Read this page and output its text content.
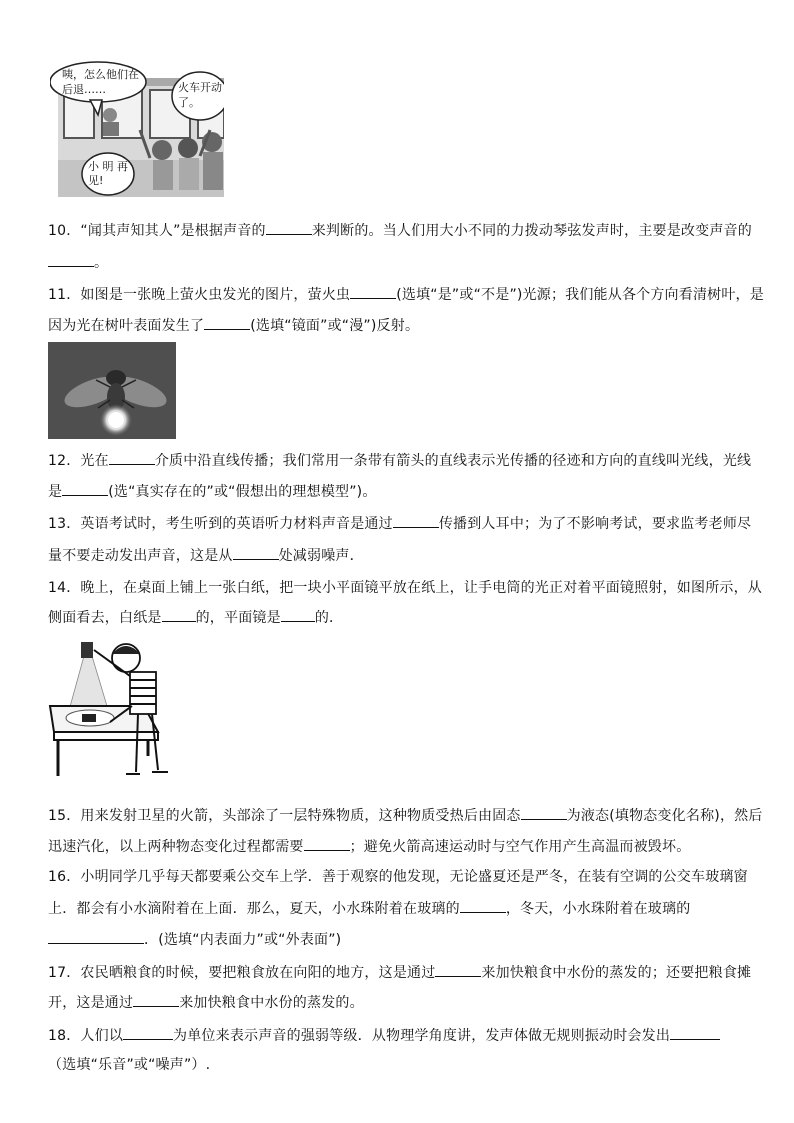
咦，怎么他们在
后退……	火车开动
了。
小 明 再
见!
10．“闻其声知其人”是根据声音的	来判断的。当人们用大小不同的力拨动琴弦发声时，主要是改变声音的
。
11．如图是一张晚上萤火虫发光的图片，萤火虫	(选填“是”或“不是”)光源；我们能从各个方向看清树叶，是
因为光在树叶表面发生了	(选填“镜面”或“漫”)反射。
12．光在	介质中沿直线传播；我们常用一条带有箭头的直线表示光传播的径迹和方向的直线叫光线，光线
是	(选“真实存在的”或“假想出的理想模型”)。
13．英语考试时，考生听到的英语听力材料声音是通过	传播到人耳中；为了不影响考试，要求监考老师尽
量不要走动发出声音，这是从	处减弱噪声．
14．晚上，在桌面上铺上一张白纸，把一块小平面镜平放在纸上，让手电筒的光正对着平面镜照射，如图所示，从
侧面看去，白纸是 的，平面镜是 的．
15．用来发射卫星的火箭，头部涂了一层特殊物质，这种物质受热后由固态	为液态(填物态变化名称)，然后
迅速汽化，以上两种物态变化过程都需要	；避免火箭高速运动时与空气作用产生高温而被毁坏。
16．小明同学几乎每天都要乘公交车上学．善于观察的他发现，无论盛夏还是严冬，在装有空调的公交车玻璃窗
上．都会有小水滴附着在上面．那么，夏天，小水珠附着在玻璃的	，冬天，小水珠附着在玻璃的
．(选填“内表面力”或“外表面”)
17．农民晒粮食的时候，要把粮食放在向阳的地方，这是通过	来加快粮食中水份的蒸发的；还要把粮食摊
开，这是通过	来加快粮食中水份的蒸发的。
18．人们以	为单位来表示声音的强弱等级．从物理学角度讲，发声体做无规则振动时会发出
（选填“乐音”或“噪声”）.
